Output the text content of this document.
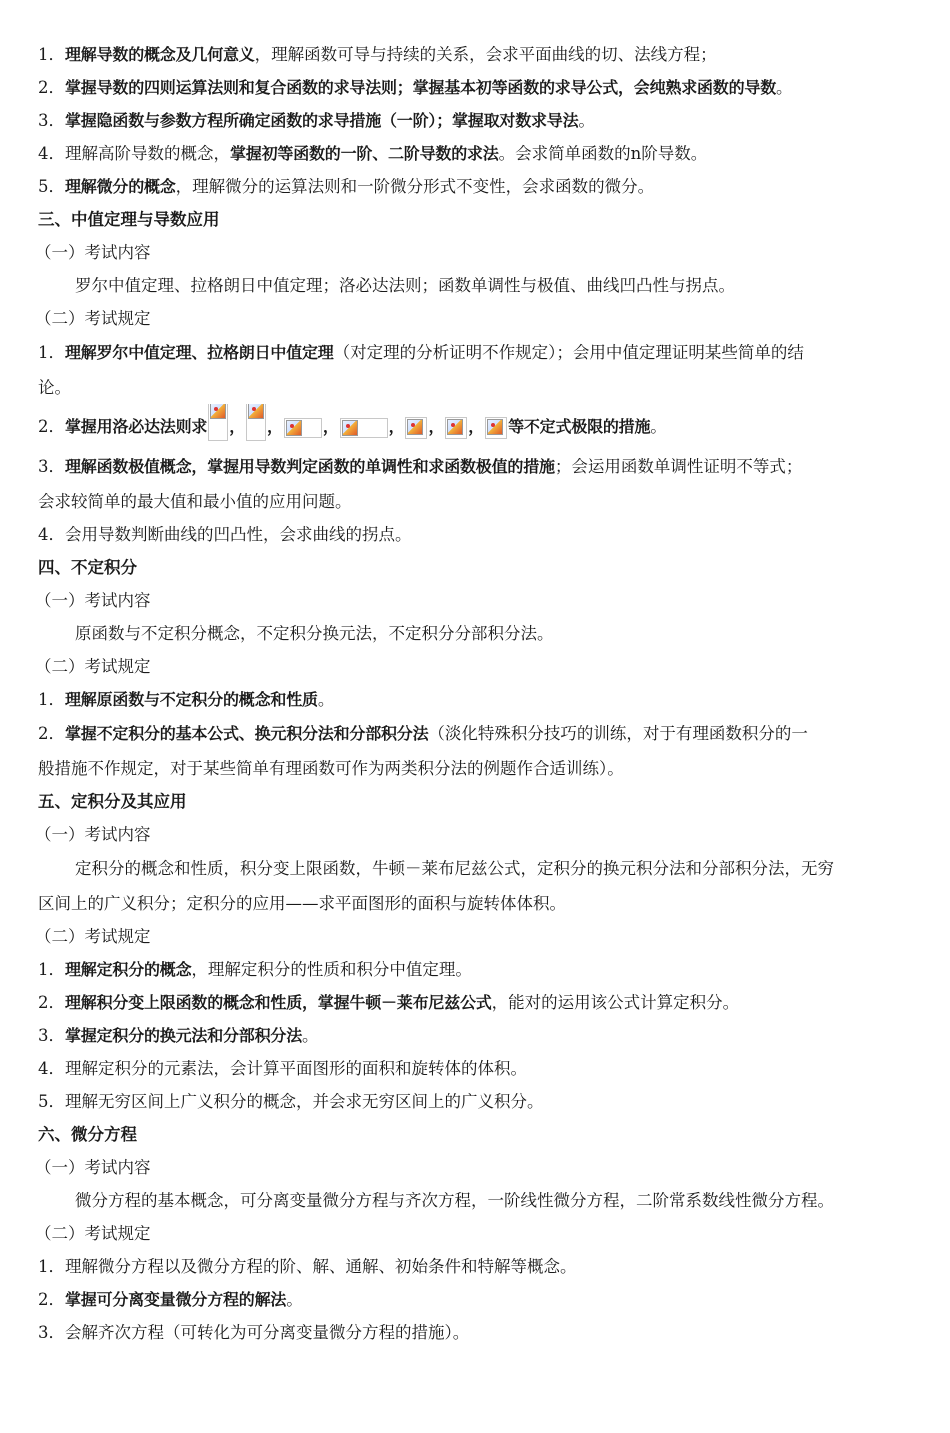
1．理解导数的概念及几何意义，理解函数可导与持续的关系，会求平面曲线的切、法线方程；
2．掌握导数的四则运算法则和复合函数的求导法则；掌握基本初等函数的求导公式，会纯熟求函数的导数。
3．掌握隐函数与参数方程所确定函数的求导措施（一阶）；掌握取对数求导法。
4．理解高阶导数的概念，掌握初等函数的一阶、二阶导数的求法。会求简单函数的n阶导数。
5．理解微分的概念，理解微分的运算法则和一阶微分形式不变性，会求函数的微分。
三、中值定理与导数应用
（一）考试内容
罗尔中值定理、拉格朗日中值定理；洛必达法则；函数单调性与极值、曲线凹凸性与拐点。
（二）考试规定
1．理解罗尔中值定理、拉格朗日中值定理（对定理的分析证明不作规定）；会用中值定理证明某些简单的结
论。
2．掌握用洛必达法则求 ， ，	，	， ， ， 等不定式极限的措施。
3．理解函数极值概念，掌握用导数判定函数的单调性和求函数极值的措施；会运用函数单调性证明不等式；
会求较简单的最大值和最小值的应用问题。
4．会用导数判断曲线的凹凸性，会求曲线的拐点。
四、不定积分
（一）考试内容
原函数与不定积分概念，不定积分换元法，不定积分分部积分法。
（二）考试规定
1．理解原函数与不定积分的概念和性质。
2．掌握不定积分的基本公式、换元积分法和分部积分法（淡化特殊积分技巧的训练，对于有理函数积分的一
般措施不作规定，对于某些简单有理函数可作为两类积分法的例题作合适训练）。
五、定积分及其应用
（一）考试内容
定积分的概念和性质，积分变上限函数，牛顿－莱布尼兹公式，定积分的换元积分法和分部积分法，无穷
区间上的广义积分；定积分的应用——求平面图形的面积与旋转体体积。
（二）考试规定
1．理解定积分的概念，理解定积分的性质和积分中值定理。
2．理解积分变上限函数的概念和性质，掌握牛顿－莱布尼兹公式，能对的运用该公式计算定积分。
3．掌握定积分的换元法和分部积分法。
4．理解定积分的元素法，会计算平面图形的面积和旋转体的体积。
5．理解无穷区间上广义积分的概念，并会求无穷区间上的广义积分。
六、微分方程
（一）考试内容
微分方程的基本概念，可分离变量微分方程与齐次方程，一阶线性微分方程，二阶常系数线性微分方程。
（二）考试规定
1．理解微分方程以及微分方程的阶、解、通解、初始条件和特解等概念。
2．掌握可分离变量微分方程的解法。
3．会解齐次方程（可转化为可分离变量微分方程的措施）。
